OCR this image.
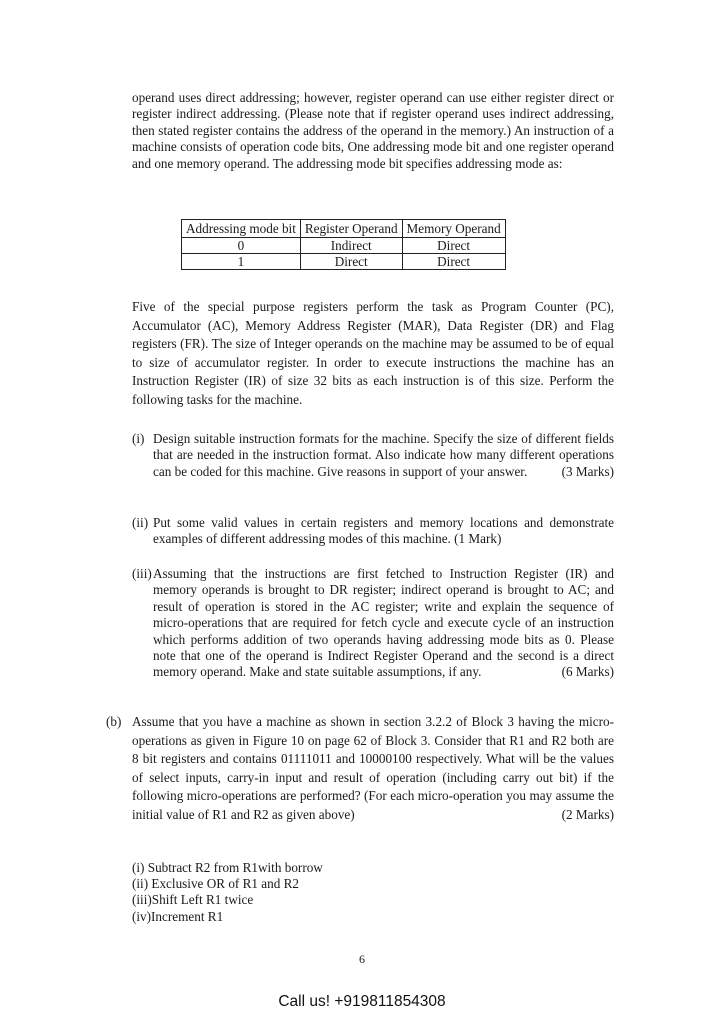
operand uses direct addressing; however, register operand can use either register direct or register indirect addressing. (Please note that if register operand uses indirect addressing, then stated register contains the address of the operand in the memory.) An instruction of a machine consists of operation code bits, One addressing mode bit and one register operand and one memory operand. The addressing mode bit specifies addressing mode as:

Addressing mode bit	Register Operand	Memory Operand
0	Indirect	Direct
1	Direct	Direct

Five of the special purpose registers perform the task as Program Counter (PC), Accumulator (AC), Memory Address Register (MAR), Data Register (DR) and Flag registers (FR). The size of Integer operands on the machine may be assumed to be of equal to size of accumulator register. In order to execute instructions the machine has an Instruction Register (IR) of size 32 bits as each instruction is of this size. Perform the following tasks for the machine.

(i) Design suitable instruction formats for the machine. Specify the size of different fields that are needed in the instruction format. Also indicate how many different operations can be coded for this machine. Give reasons in support of your answer.	(3 Marks)
(ii) Put some valid values in certain registers and memory locations and demonstrate examples of different addressing modes of this machine. (1 Mark)
(iii) Assuming that the instructions are first fetched to Instruction Register (IR) and memory operands is brought to DR register; indirect operand is brought to AC; and result of operation is stored in the AC register; write and explain the sequence of micro-operations that are required for fetch cycle and execute cycle of an instruction which performs addition of two operands having addressing mode bits as 0. Please note that one of the operand is Indirect Register Operand and the second is a direct memory operand. Make and state suitable assumptions, if any.	(6 Marks)
(b) Assume that you have a machine as shown in section 3.2.2 of Block 3 having the micro-operations as given in Figure 10 on page 62 of Block 3. Consider that R1 and R2 both are 8 bit registers and contains 01111011 and 10000100 respectively. What will be the values of select inputs, carry-in input and result of operation (including carry out bit) if the following micro-operations are performed? (For each micro-operation you may assume the initial value of R1 and R2 as given above)	(2 Marks)
(i) Subtract R2 from R1with borrow
(ii) Exclusive OR of R1 and R2
(iii)Shift Left R1 twice
(iv)Increment R1
6
Call us! +919811854308
